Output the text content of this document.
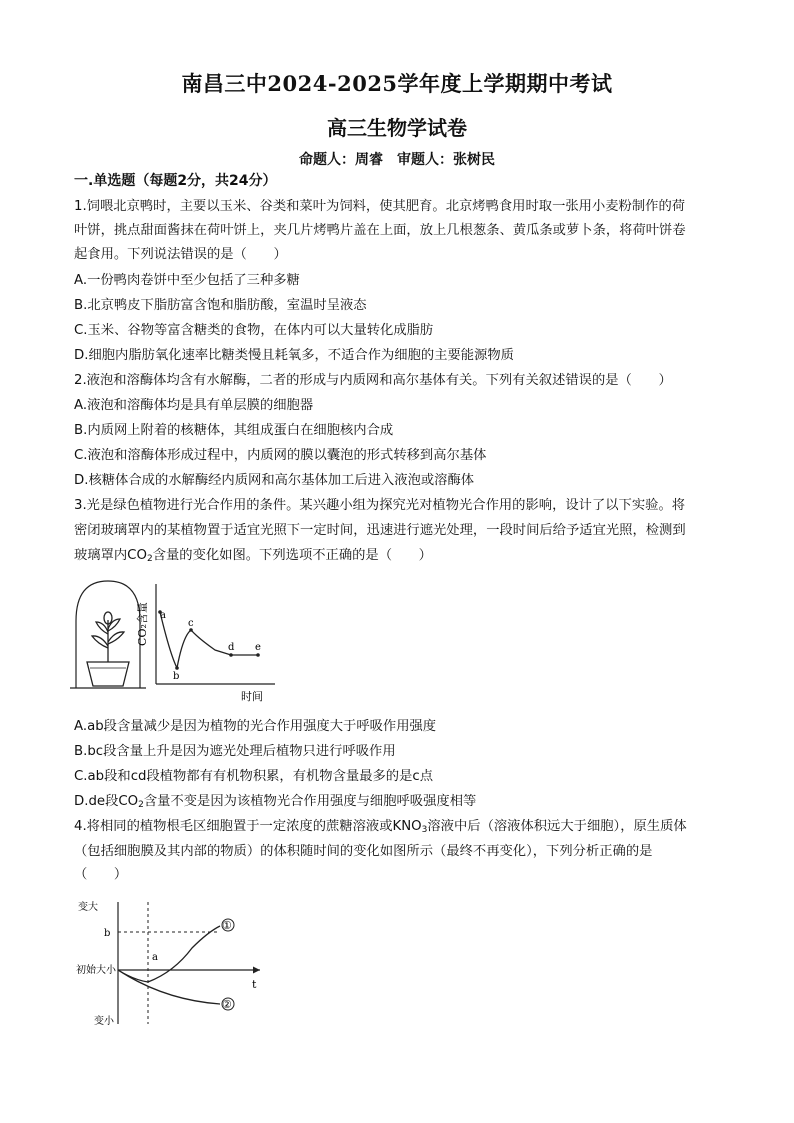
南昌三中2024-2025学年度上学期期中考试
高三生物学试卷
命题人：周睿　审题人：张树民
一.单选题（每题2分，共24分）
1.饲喂北京鸭时，主要以玉米、谷类和菜叶为饲料，使其肥育。北京烤鸭食用时取一张用小麦粉制作的荷
叶饼，挑点甜面酱抹在荷叶饼上，夹几片烤鸭片盖在上面，放上几根葱条、黄瓜条或萝卜条，将荷叶饼卷
起食用。下列说法错误的是（　　）
A.一份鸭肉卷饼中至少包括了三种多糖
B.北京鸭皮下脂肪富含饱和脂肪酸，室温时呈液态
C.玉米、谷物等富含糖类的食物，在体内可以大量转化成脂肪
D.细胞内脂肪氧化速率比糖类慢且耗氧多，不适合作为细胞的主要能源物质
2.液泡和溶酶体均含有水解酶，二者的形成与内质网和高尔基体有关。下列有关叙述错误的是（　　）
A.液泡和溶酶体均是具有单层膜的细胞器
B.内质网上附着的核糖体，其组成蛋白在细胞核内合成
C.液泡和溶酶体形成过程中，内质网的膜以囊泡的形式转移到高尔基体
D.核糖体合成的水解酶经内质网和高尔基体加工后进入液泡或溶酶体
3.光是绿色植物进行光合作用的条件。某兴趣小组为探究光对植物光合作用的影响，设计了以下实验。将
密闭玻璃罩内的某植物置于适宜光照下一定时间，迅速进行遮光处理，一段时间后给予适宜光照，检测到
玻璃罩内$CO_2$含量的变化如图。下列选项不正确的是（　　）
CO₂含量
时间
a
b
c
d e
A.ab段含量减少是因为植物的光合作用强度大于呼吸作用强度
B.bc段含量上升是因为遮光处理后植物只进行呼吸作用
C.ab段和cd段植物都有有机物积累，有机物含量最多的是c点
D.de段$CO_2$含量不变是因为该植物光合作用强度与细胞呼吸强度相等
4.将相同的植物根毛区细胞置于一定浓度的蔗糖溶液或$KNO_3$溶液中后（溶液体积远大于细胞），原生质体
（包括细胞膜及其内部的物质）的体积随时间的变化如图所示（最终不再变化），下列分析正确的是
（　　）
变大
b
初始大小
变小
t
a
①
②
